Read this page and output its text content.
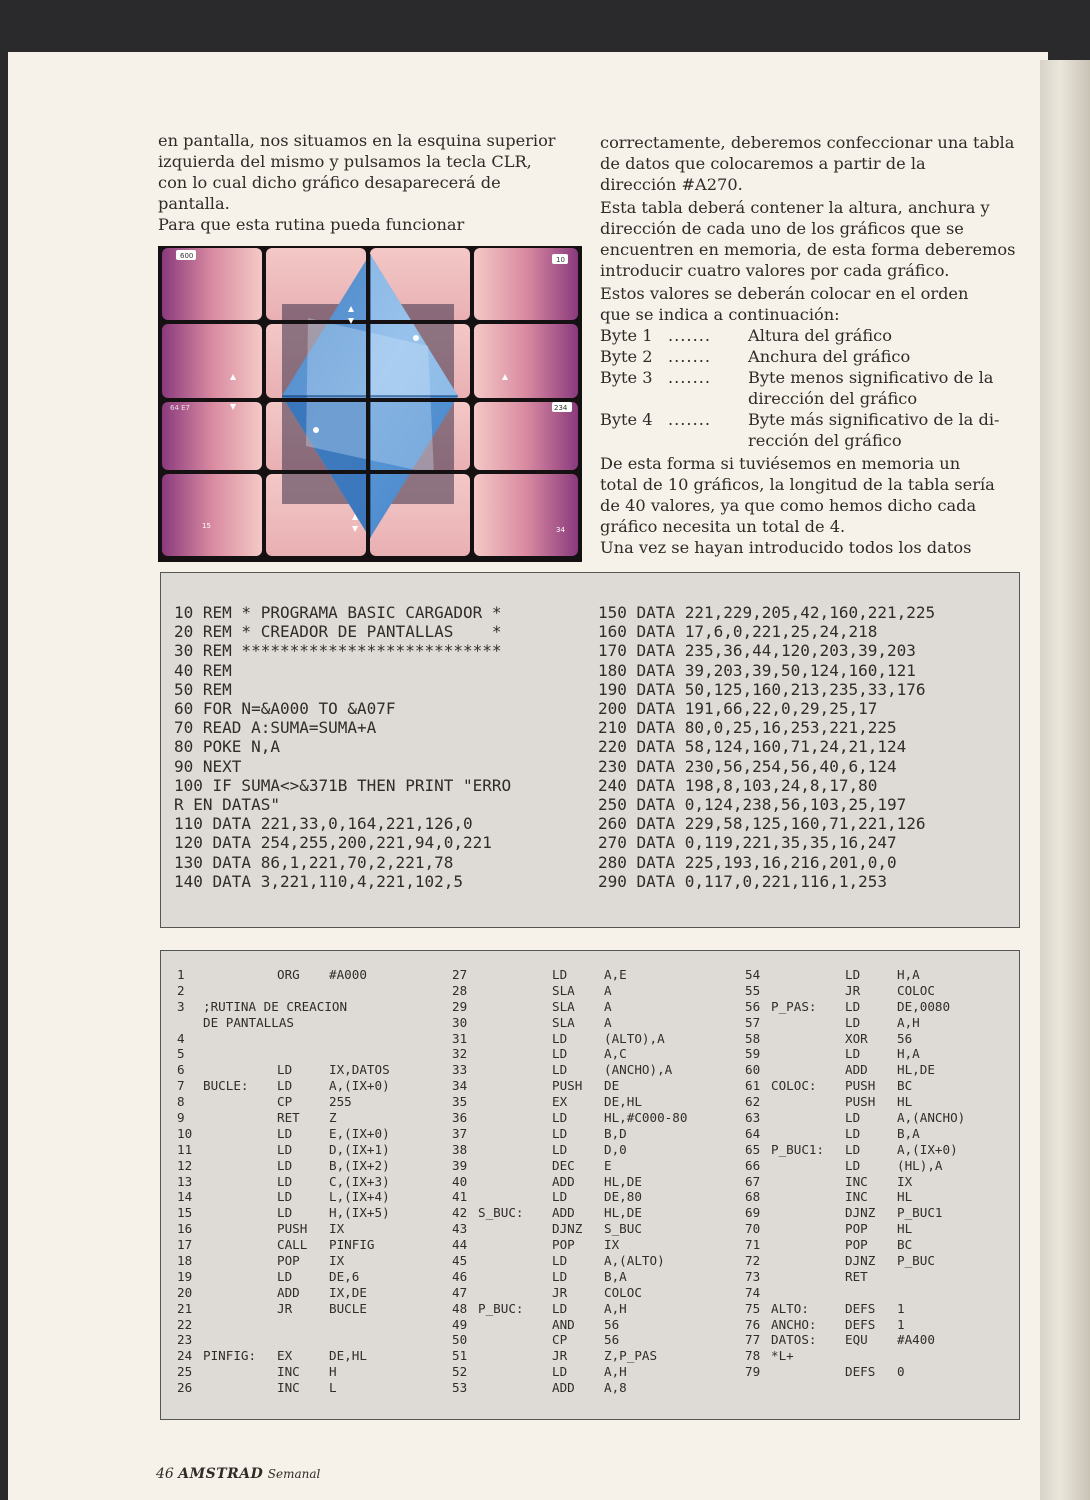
en pantalla, nos situamos en la esquina superior
izquierda del mismo y pulsamos la tecla CLR,
con lo cual dicho gráfico desaparecerá de
pantalla.
Para que esta rutina pueda funcionar
correctamente, deberemos confeccionar una tabla
de datos que colocaremos a partir de la
dirección #A270.
Esta tabla deberá contener la altura, anchura y
dirección de cada uno de los gráficos que se
encuentren en memoria, de esta forma deberemos
introducir cuatro valores por cada gráfico.
Estos valores se deberán colocar en el orden
que se indica a continuación:
Byte 1 .......	Altura del gráfico
Byte 2 .......	Anchura del gráfico
Byte 3 .......	Byte menos significativo de la
dirección del gráfico
Byte 4 .......	Byte más significativo de la di-
rección del gráfico
De esta forma si tuviésemos en memoria un
total de 10 gráficos, la longitud de la tabla sería
de 40 valores, ya que como hemos dicho cada
gráfico necesita un total de 4.
Una vez se hayan introducido todos los datos
600	10
234
15	34
64 E7
10 REM * PROGRAMA BASIC CARGADOR *
20 REM * CREADOR DE PANTALLAS    *
30 REM ***************************
40 REM
50 REM
60 FOR N=&A000 TO &A07F
70 READ A:SUMA=SUMA+A
80 POKE N,A
90 NEXT
100 IF SUMA<>&371B THEN PRINT "ERRO
R EN DATAS"
110 DATA 221,33,0,164,221,126,0
120 DATA 254,255,200,221,94,0,221
130 DATA 86,1,221,70,2,221,78
140 DATA 3,221,110,4,221,102,5
150 DATA 221,229,205,42,160,221,225
160 DATA 17,6,0,221,25,24,218
170 DATA 235,36,44,120,203,39,203
180 DATA 39,203,39,50,124,160,121
190 DATA 50,125,160,213,235,33,176
200 DATA 191,66,22,0,29,25,17
210 DATA 80,0,25,16,253,221,225
220 DATA 58,124,160,71,24,21,124
230 DATA 230,56,254,56,40,6,124
240 DATA 198,8,103,24,8,17,80
250 DATA 0,124,238,56,103,25,197
260 DATA 229,58,125,160,71,221,126
270 DATA 0,119,221,35,35,16,247
280 DATA 225,193,16,216,201,0,0
290 DATA 0,117,0,221,116,1,253
1	ORG	#A000
2
3	;RUTINA DE CREACION
DE PANTALLAS
4
5
6	LD	IX,DATOS
7	BUCLE:	LD	A,(IX+0)
8	CP	255
9	RET	Z
10	LD	E,(IX+0)
11	LD	D,(IX+1)
12	LD	B,(IX+2)
13	LD	C,(IX+3)
14	LD	L,(IX+4)
15	LD	H,(IX+5)
16	PUSH	IX
17	CALL	PINFIG
18	POP	IX
19	LD	DE,6
20	ADD	IX,DE
21	JR	BUCLE
22
23
24 PINFIG:	EX	DE,HL
25	INC	H
26	INC	L
27	LD	A,E
28	SLA	A
29	SLA	A
30	SLA	A
31	LD	(ALTO),A
32	LD	A,C
33	LD	(ANCHO),A
34	PUSH	DE
35	EX	DE,HL
36	LD	HL,#C000-80
37	LD	B,D
38	LD	D,0
39	DEC	E
40	ADD	HL,DE
41	LD	DE,80
42 S_BUC:	ADD	HL,DE
43	DJNZ	S_BUC
44	POP	IX
45	LD	A,(ALTO)
46	LD	B,A
47	JR	COLOC
48 P_BUC:	LD	A,H
49	AND	56
50	CP	56
51	JR	Z,P_PAS
52	LD	A,H
53	ADD	A,8
54	LD	H,A
55	JR	COLOC
56 P_PAS:	LD	DE,0080
57	LD	A,H
58	XOR	56
59	LD	H,A
60	ADD	HL,DE
61 COLOC:	PUSH	BC
62	PUSH	HL
63	LD	A,(ANCHO)
64	LD	B,A
65 P_BUC1:	LD	A,(IX+0)
66	LD	(HL),A
67	INC	IX
68	INC	HL
69	DJNZ	P_BUC1
70	POP	HL
71	POP	BC
72	DJNZ	P_BUC
73	RET
74
75 ALTO:	DEFS	1
76 ANCHO:	DEFS	1
77 DATOS:	EQU	#A400
78 *L+
79	DEFS	0
46 AMSTRAD Semanal
